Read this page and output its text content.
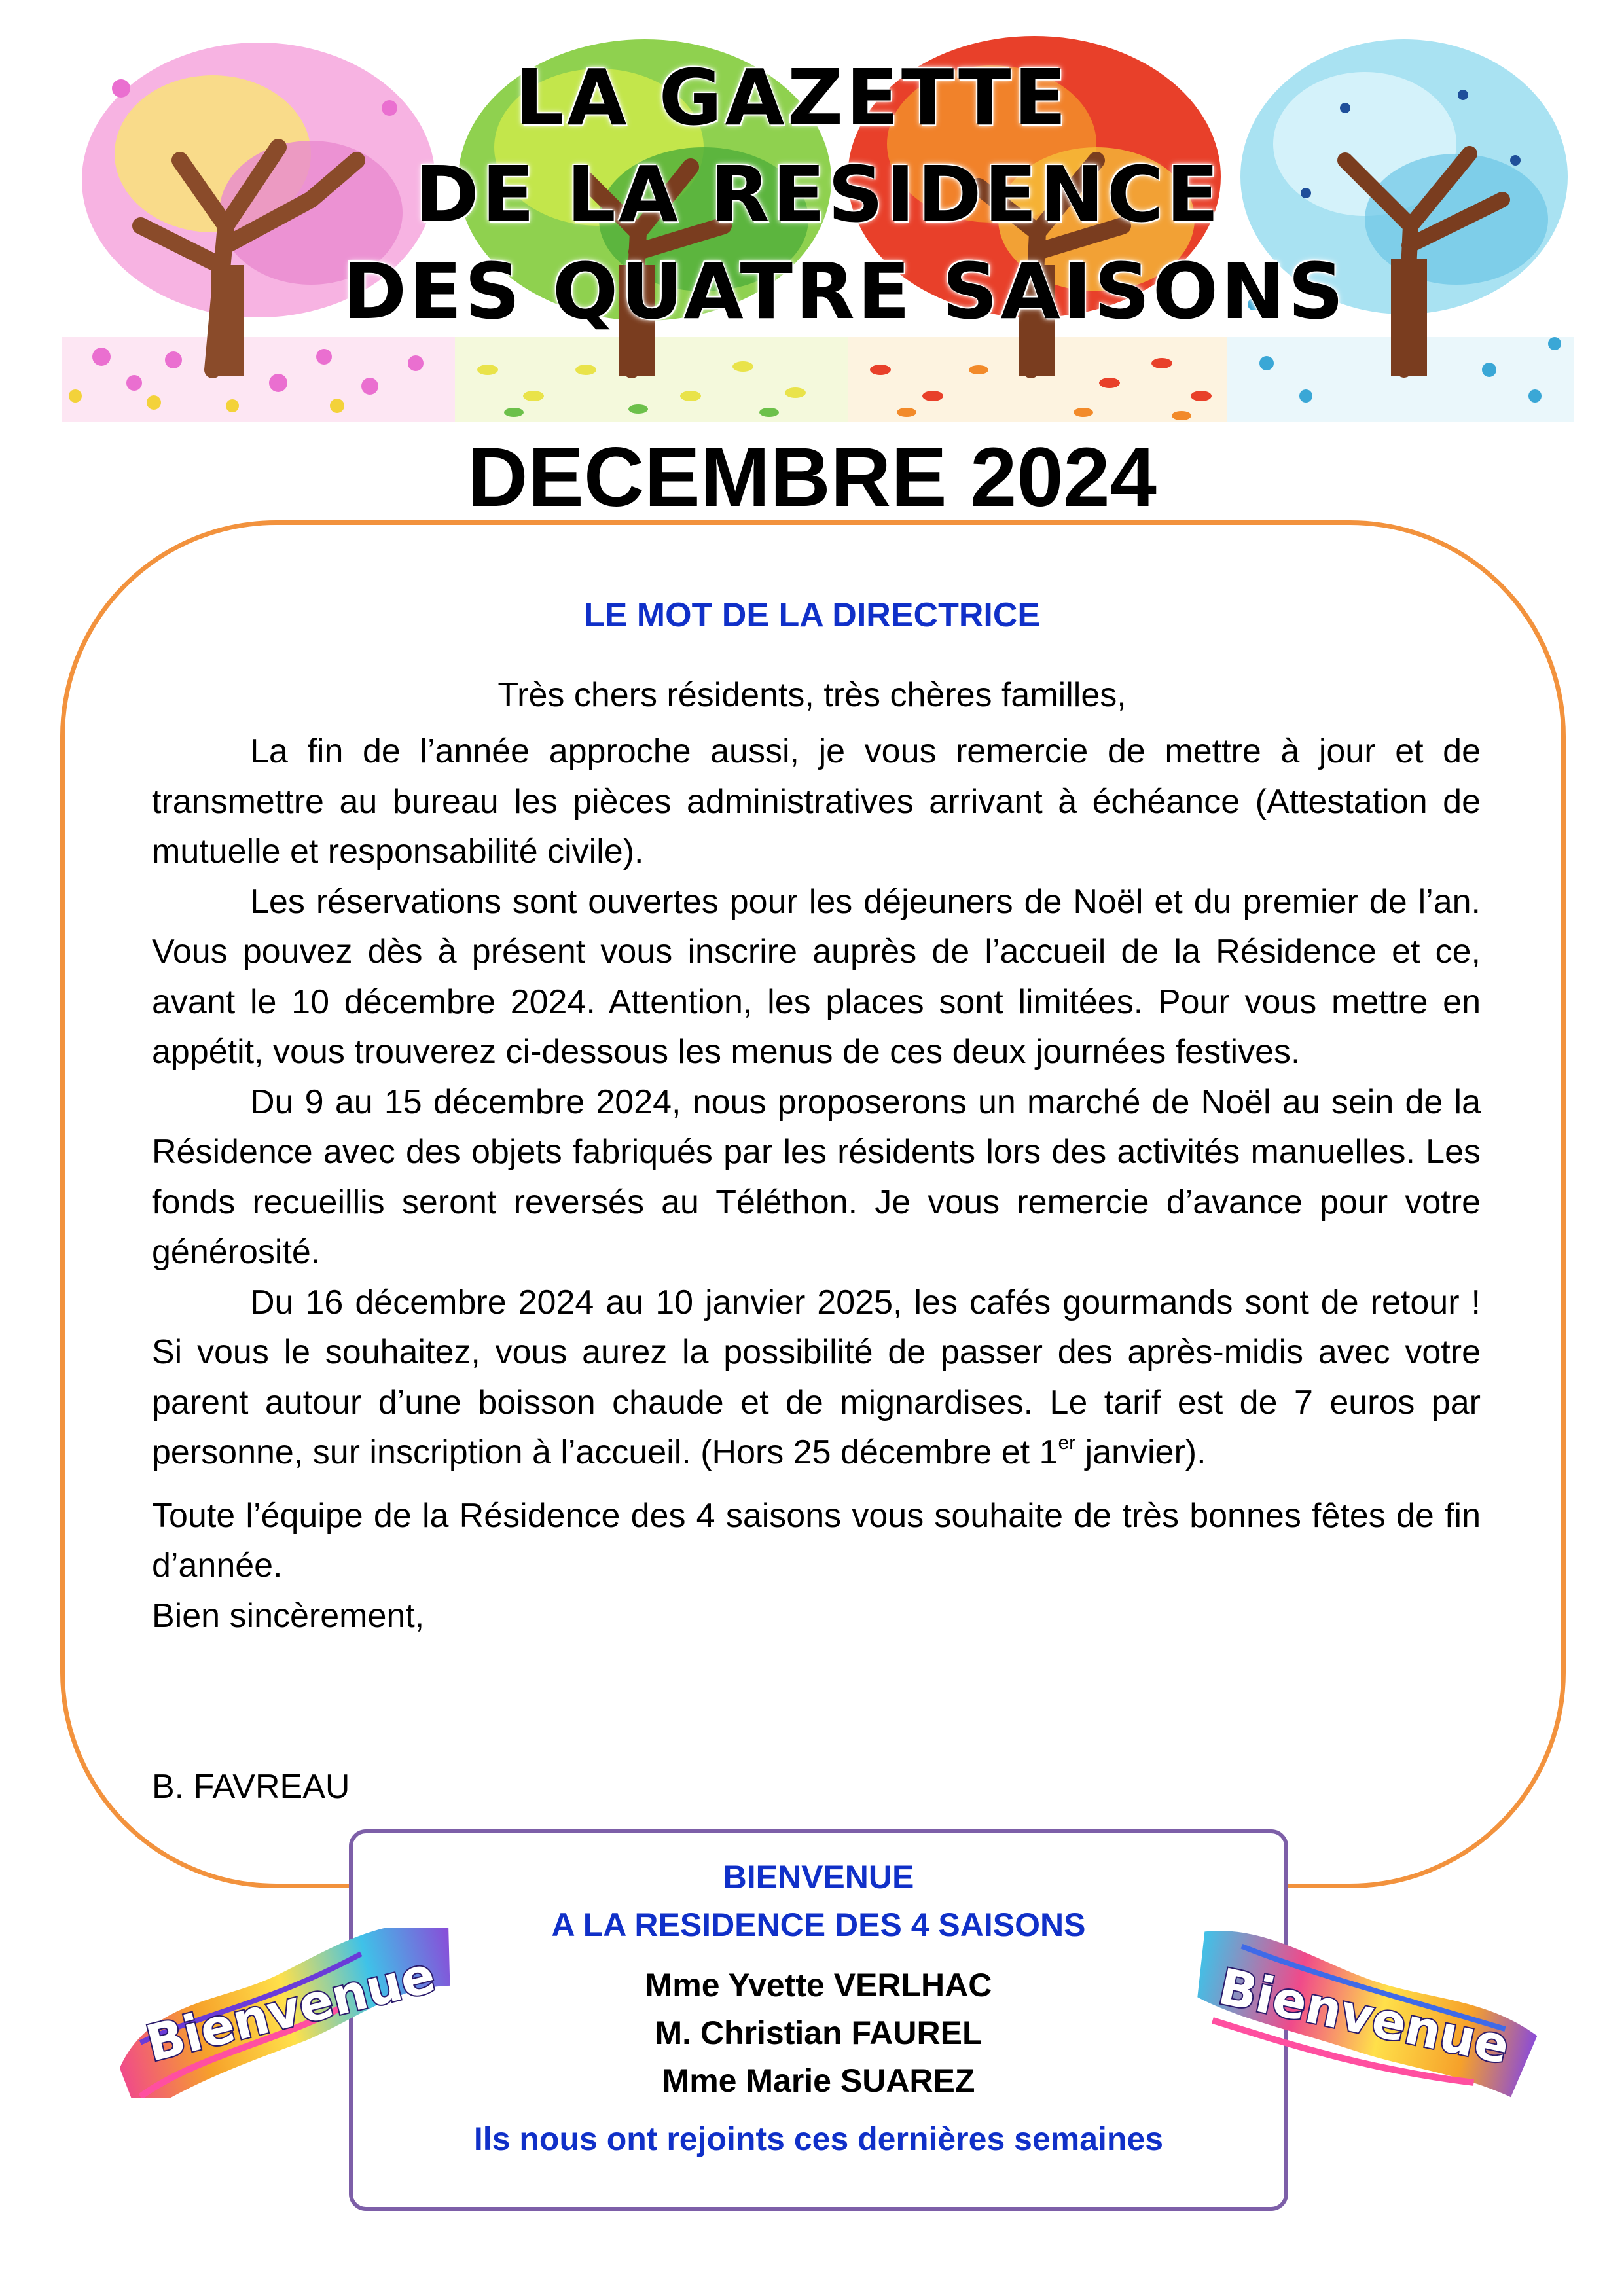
LA GAZETTE
DE LA RESIDENCE
DES QUATRE SAISONS
DECEMBRE 2024
LE MOT DE LA DIRECTRICE

Très chers résidents, très chères familles,

La fin de l’année approche aussi, je vous remercie de mettre à jour et de transmettre au bureau les pièces administratives arrivant à échéance (Attestation de mutuelle et responsabilité civile).

Les réservations sont ouvertes pour les déjeuners de Noël et du premier de l’an. Vous pouvez dès à présent vous inscrire auprès de l’accueil de la Résidence et ce, avant le 10 décembre 2024. Attention, les places sont limitées. Pour vous mettre en appétit, vous trouverez ci-dessous les menus de ces deux journées festives.

Du 9 au 15 décembre 2024, nous proposerons un marché de Noël au sein de la Résidence avec des objets fabriqués par les résidents lors des activités manuelles. Les fonds recueillis seront reversés au Téléthon. Je vous remercie d’avance pour votre générosité.

Du 16 décembre 2024 au 10 janvier 2025, les cafés gourmands sont de retour ! Si vous le souhaitez, vous aurez la possibilité de passer des après-midis avec votre parent autour d’une boisson chaude et de mignardises. Le tarif est de 7 euros par personne, sur inscription à l’accueil. (Hors 25 décembre et 1er janvier).

Toute l’équipe de la Résidence des 4 saisons vous souhaite de très bonnes fêtes de fin d’année.

Bien sincèrement,

B. FAVREAU

BIENVENUE

A LA RESIDENCE DES 4 SAISONS

Mme Yvette VERLHAC

M. Christian FAUREL

Mme Marie SUAREZ

Ils nous ont rejoints ces dernières semaines

Bienvenue	Bienvenue
